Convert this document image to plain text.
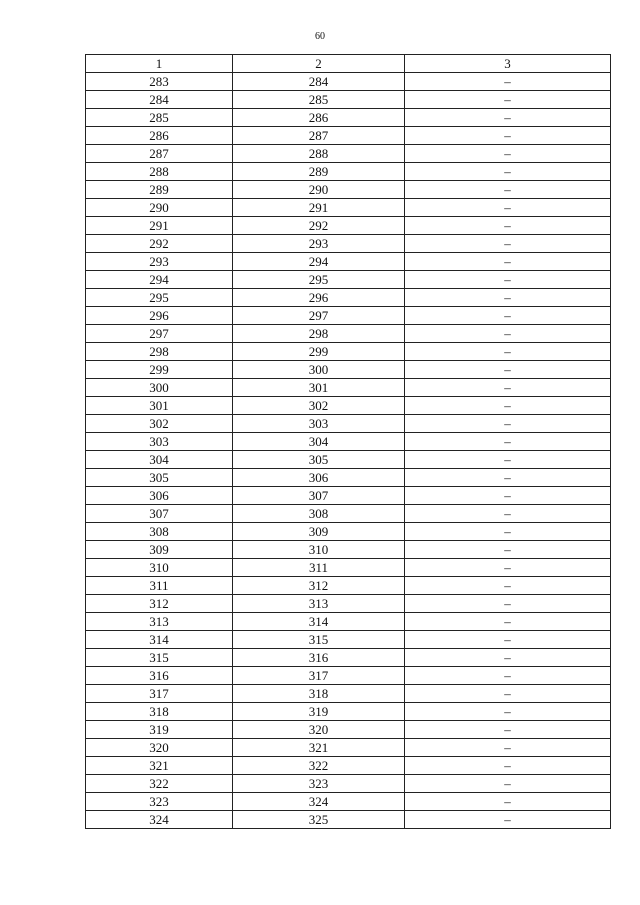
60
1	2	3
283	284	–
284	285	–
285	286	–
286	287	–
287	288	–
288	289	–
289	290	–
290	291	–
291	292	–
292	293	–
293	294	–
294	295	–
295	296	–
296	297	–
297	298	–
298	299	–
299	300	–
300	301	–
301	302	–
302	303	–
303	304	–
304	305	–
305	306	–
306	307	–
307	308	–
308	309	–
309	310	–
310	311	–
311	312	–
312	313	–
313	314	–
314	315	–
315	316	–
316	317	–
317	318	–
318	319	–
319	320	–
320	321	–
321	322	–
322	323	–
323	324	–
324	325	–
